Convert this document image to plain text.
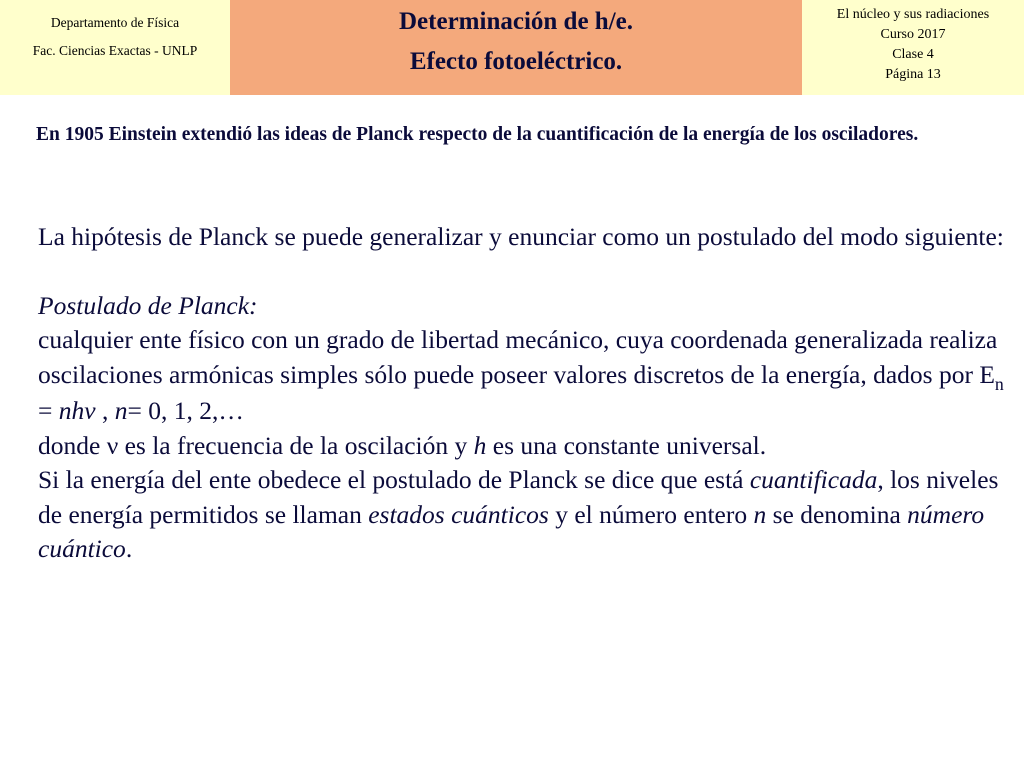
Departamento de Física
Fac. Ciencias Exactas - UNLP
Determinación de h/e.
Efecto fotoeléctrico.
El núcleo y sus radiaciones
Curso 2017
Clase 4
Página 13
En 1905 Einstein extendió las ideas de Planck respecto de la cuantificación de la energía de los osciladores.
La hipótesis de Planck se puede generalizar y enunciar como un postulado del modo siguiente:
Postulado de Planck:
cualquier ente físico con un grado de libertad mecánico, cuya coordenada generalizada realiza oscilaciones armónicas simples sólo puede poseer valores discretos de la energía, dados por $E_n = nh\nu$ , n= 0, 1, 2,…
donde ν es la frecuencia de la oscilación y h es una constante universal.
Si la energía del ente obedece el postulado de Planck se dice que está cuantificada, los niveles de energía permitidos se llaman estados cuánticos y el número entero n se denomina número cuántico.
